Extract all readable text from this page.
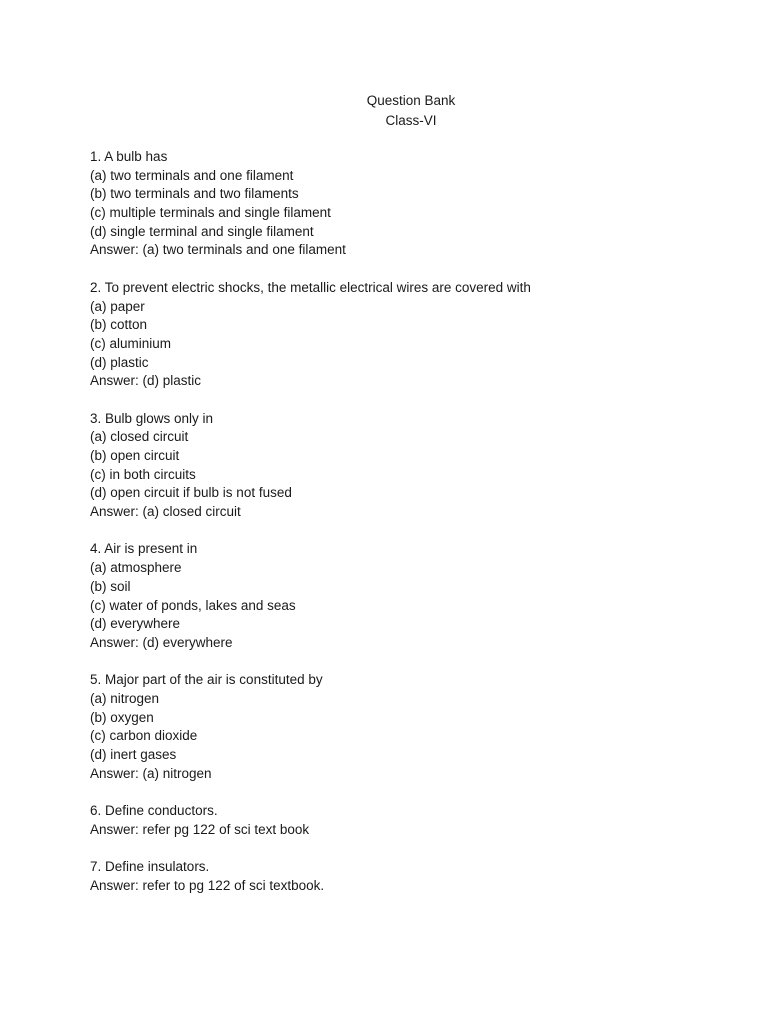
Question Bank
Class-VI
1. A bulb has
(a) two terminals and one filament
(b) two terminals and two filaments
(c) multiple terminals and single filament
(d) single terminal and single filament
Answer: (a) two terminals and one filament
2. To prevent electric shocks, the metallic electrical wires are covered with
(a) paper
(b) cotton
(c) aluminium
(d) plastic
Answer: (d) plastic
3. Bulb glows only in
(a) closed circuit
(b) open circuit
(c) in both circuits
(d) open circuit if bulb is not fused
Answer: (a) closed circuit
4. Air is present in
(a) atmosphere
(b) soil
(c) water of ponds, lakes and seas
(d) everywhere
Answer: (d) everywhere
5. Major part of the air is constituted by
(a) nitrogen
(b) oxygen
(c) carbon dioxide
(d) inert gases
Answer: (a) nitrogen
6. Define conductors.
Answer: refer pg 122 of sci text book
7. Define insulators.
Answer: refer to pg 122 of sci textbook.
